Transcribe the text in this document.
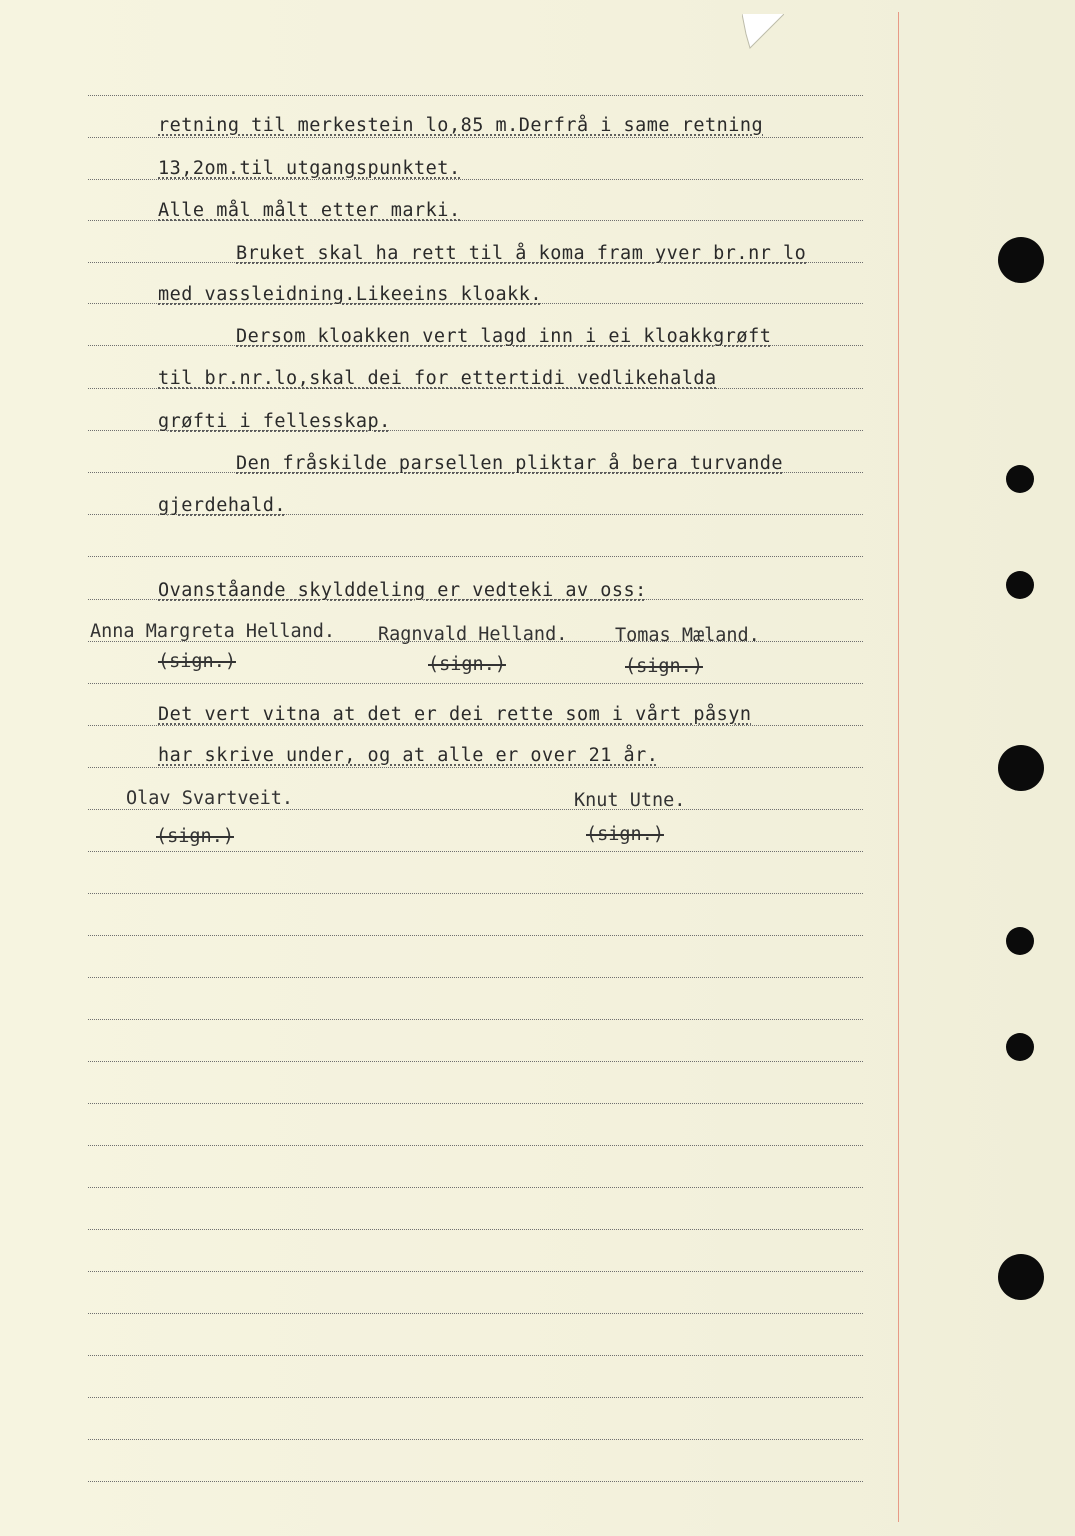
retning til merkestein lo,85 m.Derfrå i same retning
13,2om.til utgangspunktet.
Alle mål målt etter marki.
Bruket skal ha rett til å koma fram yver br.nr lo
med vassleidning.Likeeins kloakk.
Dersom kloakken vert lagd inn i ei kloakkgrøft
til br.nr.lo,skal dei for ettertidi vedlikehalda
grøfti i fellesskap.
Den fråskilde parsellen pliktar å bera turvande
gjerdehald.
Ovanståande skylddeling er vedteki av oss:
Anna Margreta Helland. Ragnvald Helland.	Tomas Mæland.
(sign.)	(sign.)	(sign.)
Det vert vitna at det er dei rette som i vårt påsyn
har skrive under, og at alle er over 21 år.
Olav Svartveit.	Knut Utne.
(sign.)	(sign.)
